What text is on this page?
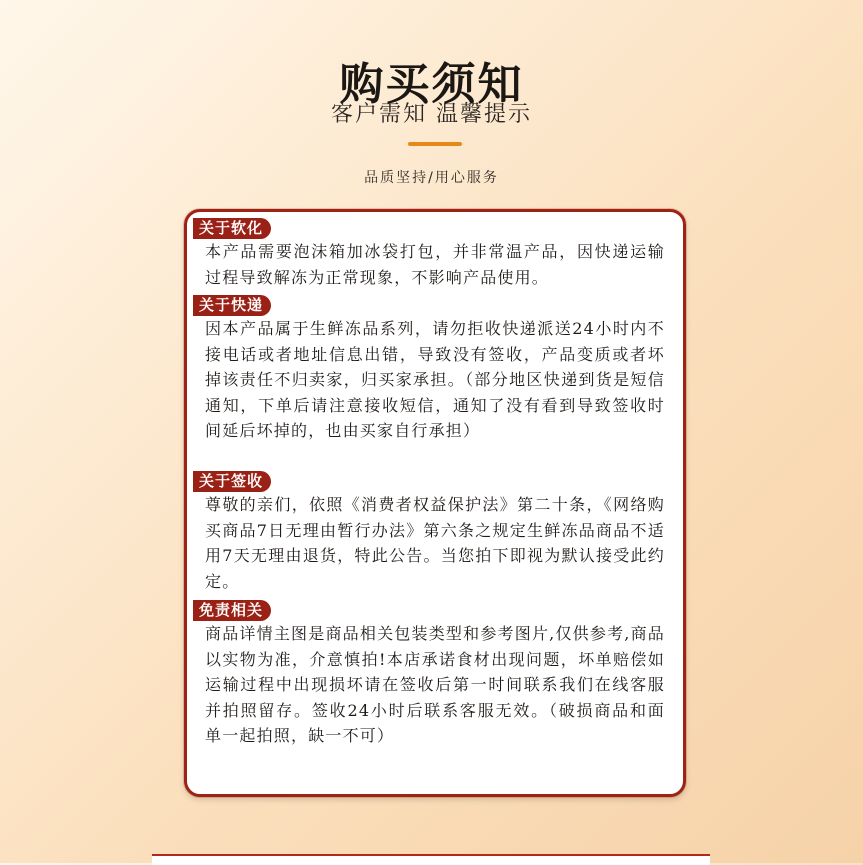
购买须知
客户需知 温馨提示
品质坚持/用心服务
关于软化

本产品需要泡沫箱加冰袋打包，并非常温产品，因快递运输过程导致解冻为正常现象，不影响产品使用。

关于快递

因本产品属于生鲜冻品系列，请勿拒收快递派送24小时内不接电话或者地址信息出错，导致没有签收，产品变质或者坏掉该责任不归卖家，归买家承担。（部分地区快递到货是短信通知，下单后请注意接收短信，通知了没有看到导致签收时间延后坏掉的，也由买家自行承担）

关于签收

尊敬的亲们，依照《消费者权益保护法》第二十条，《网络购买商品7日无理由暂行办法》第六条之规定生鲜冻品商品不适用7天无理由退货，特此公告。当您拍下即视为默认接受此约定。

免责相关

商品详情主图是商品相关包装类型和参考图片,仅供参考,商品以实物为准，介意慎拍!本店承诺食材出现问题，坏单赔偿如运输过程中出现损坏请在签收后第一时间联系我们在线客服并拍照留存。签收24小时后联系客服无效。（破损商品和面单一起拍照，缺一不可）
